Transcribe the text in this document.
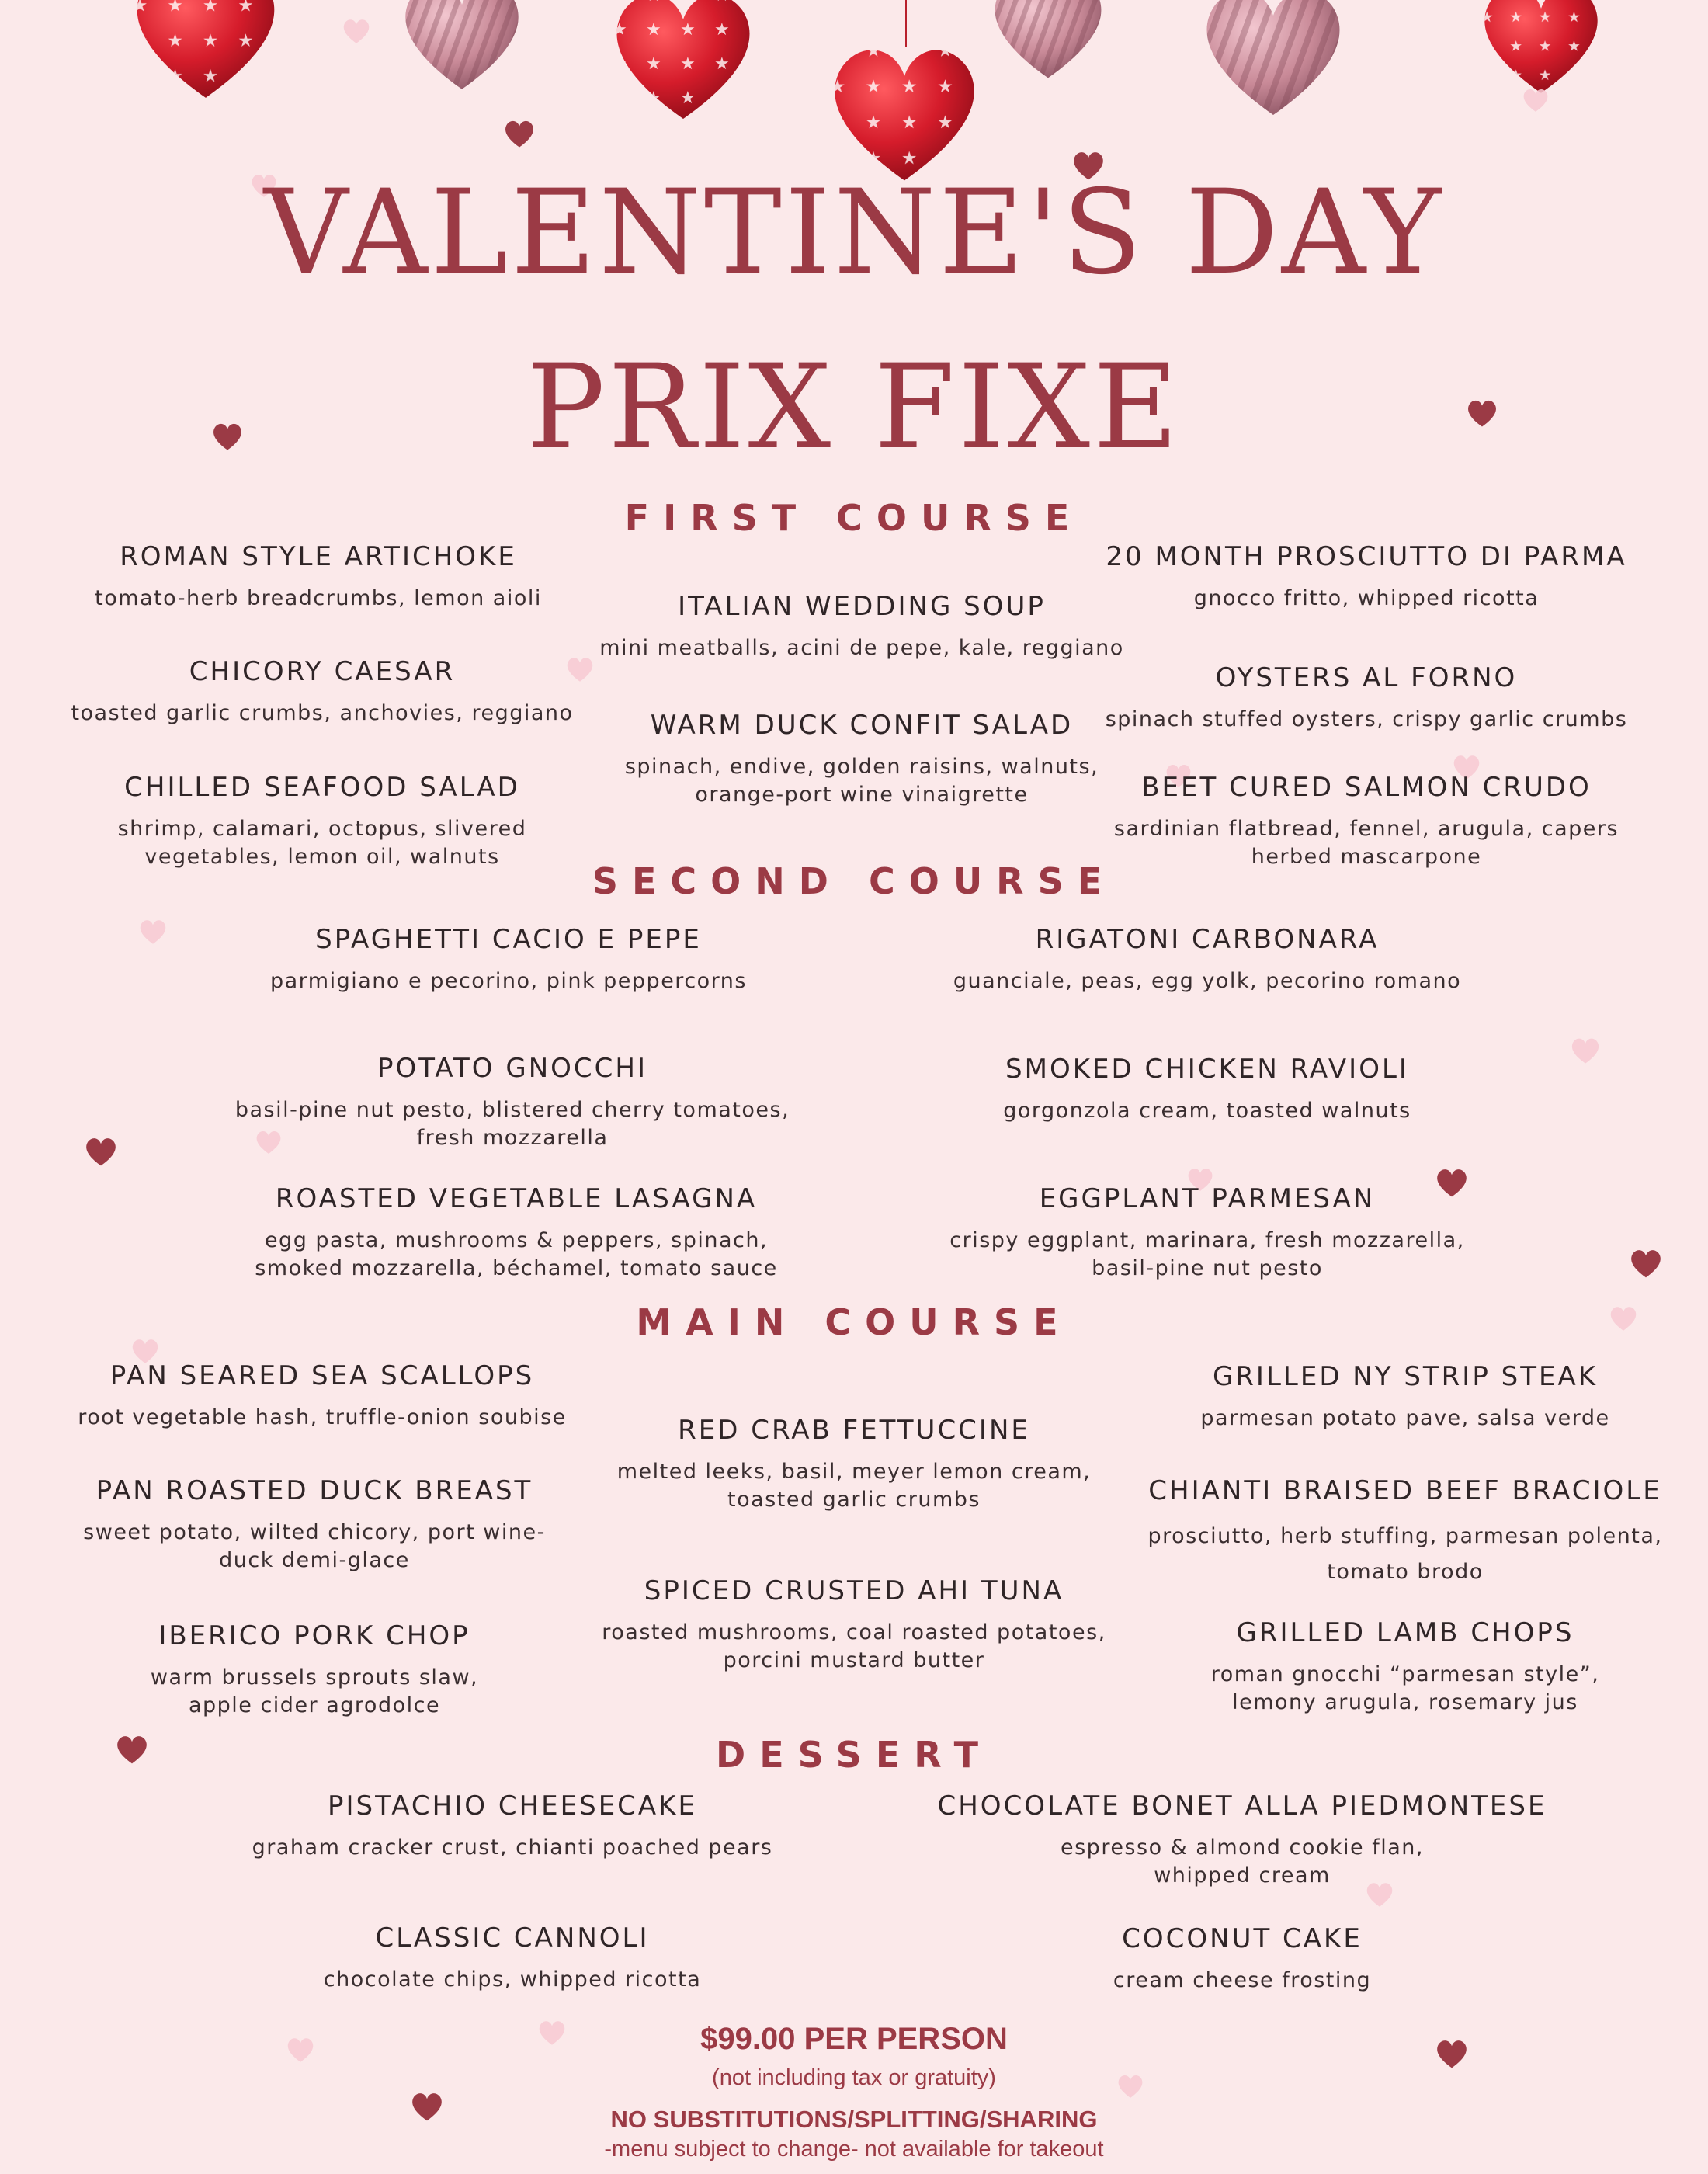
VALENTINE'S DAY
PRIX FIXE
FIRST COURSE
ROMAN STYLE ARTICHOKE
tomato-herb breadcrumbs, lemon aioli
CHICORY CAESAR
toasted garlic crumbs, anchovies, reggiano
CHILLED SEAFOOD SALAD
shrimp, calamari, octopus, slivered
vegetables, lemon oil, walnuts
ITALIAN WEDDING SOUP
mini meatballs, acini de pepe, kale, reggiano
WARM DUCK CONFIT SALAD
spinach, endive, golden raisins, walnuts,
orange-port wine vinaigrette
20 MONTH PROSCIUTTO DI PARMA
gnocco fritto, whipped ricotta
OYSTERS AL FORNO
spinach stuffed oysters, crispy garlic crumbs
BEET CURED SALMON CRUDO
sardinian flatbread, fennel, arugula, capers
herbed mascarpone
SECOND COURSE
SPAGHETTI CACIO E PEPE
parmigiano e pecorino, pink peppercorns
POTATO GNOCCHI
basil-pine nut pesto, blistered cherry tomatoes,
fresh mozzarella
ROASTED VEGETABLE LASAGNA
egg pasta, mushrooms & peppers, spinach,
smoked mozzarella, béchamel, tomato sauce
RIGATONI CARBONARA
guanciale, peas, egg yolk, pecorino romano
SMOKED CHICKEN RAVIOLI
gorgonzola cream, toasted walnuts
EGGPLANT PARMESAN
crispy eggplant, marinara, fresh mozzarella,
basil-pine nut pesto
MAIN COURSE
PAN SEARED SEA SCALLOPS
root vegetable hash, truffle-onion soubise
PAN ROASTED DUCK BREAST
sweet potato, wilted chicory, port wine-
duck demi-glace
IBERICO PORK CHOP
warm brussels sprouts slaw,
apple cider agrodolce
RED CRAB FETTUCCINE
melted leeks, basil, meyer lemon cream,
toasted garlic crumbs
SPICED CRUSTED AHI TUNA
roasted mushrooms, coal roasted potatoes,
porcini mustard butter
GRILLED NY STRIP STEAK
parmesan potato pave, salsa verde
CHIANTI BRAISED BEEF BRACIOLE
prosciutto, herb stuffing, parmesan polenta,
tomato brodo
GRILLED LAMB CHOPS
roman gnocchi “parmesan style”,
lemony arugula, rosemary jus
DESSERT
PISTACHIO CHEESECAKE
graham cracker crust, chianti poached pears
CLASSIC CANNOLI
chocolate chips, whipped ricotta
CHOCOLATE BONET ALLA PIEDMONTESE
espresso & almond cookie flan,
whipped cream
COCONUT CAKE
cream cheese frosting
$99.00 PER PERSON
(not including tax or gratuity)
NO SUBSTITUTIONS/SPLITTING/SHARING
-menu subject to change- not available for takeout
